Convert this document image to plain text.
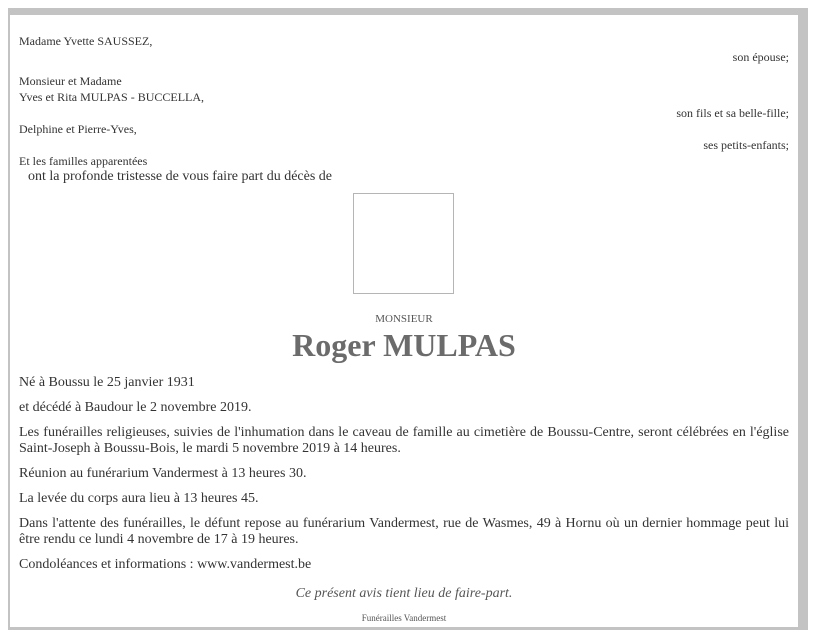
Madame Yvette SAUSSEZ,
son épouse;
Monsieur et Madame
Yves et Rita MULPAS - BUCCELLA,
son fils et sa belle-fille;
Delphine et Pierre-Yves,
ses petits-enfants;
Et les familles apparentées
ont la profonde tristesse de vous faire part du décès de
MONSIEUR
Roger MULPAS

Né à Boussu le 25 janvier 1931

et décédé à Baudour le 2 novembre 2019.

Les funérailles religieuses, suivies de l'inhumation dans le caveau de famille au cimetière de Boussu-Centre, seront célébrées en l'église Saint-Joseph à Boussu-Bois, le mardi 5 novembre 2019 à 14 heures.

Réunion au funérarium Vandermest à 13 heures 30.

La levée du corps aura lieu à 13 heures 45.

Dans l'attente des funérailles, le défunt repose au funérarium Vandermest, rue de Wasmes, 49 à Hornu où un dernier hommage peut lui être rendu ce lundi 4 novembre de 17 à 19 heures.

Condoléances et informations : www.vandermest.be

Ce présent avis tient lieu de faire-part.
Funérailles Vandermest
